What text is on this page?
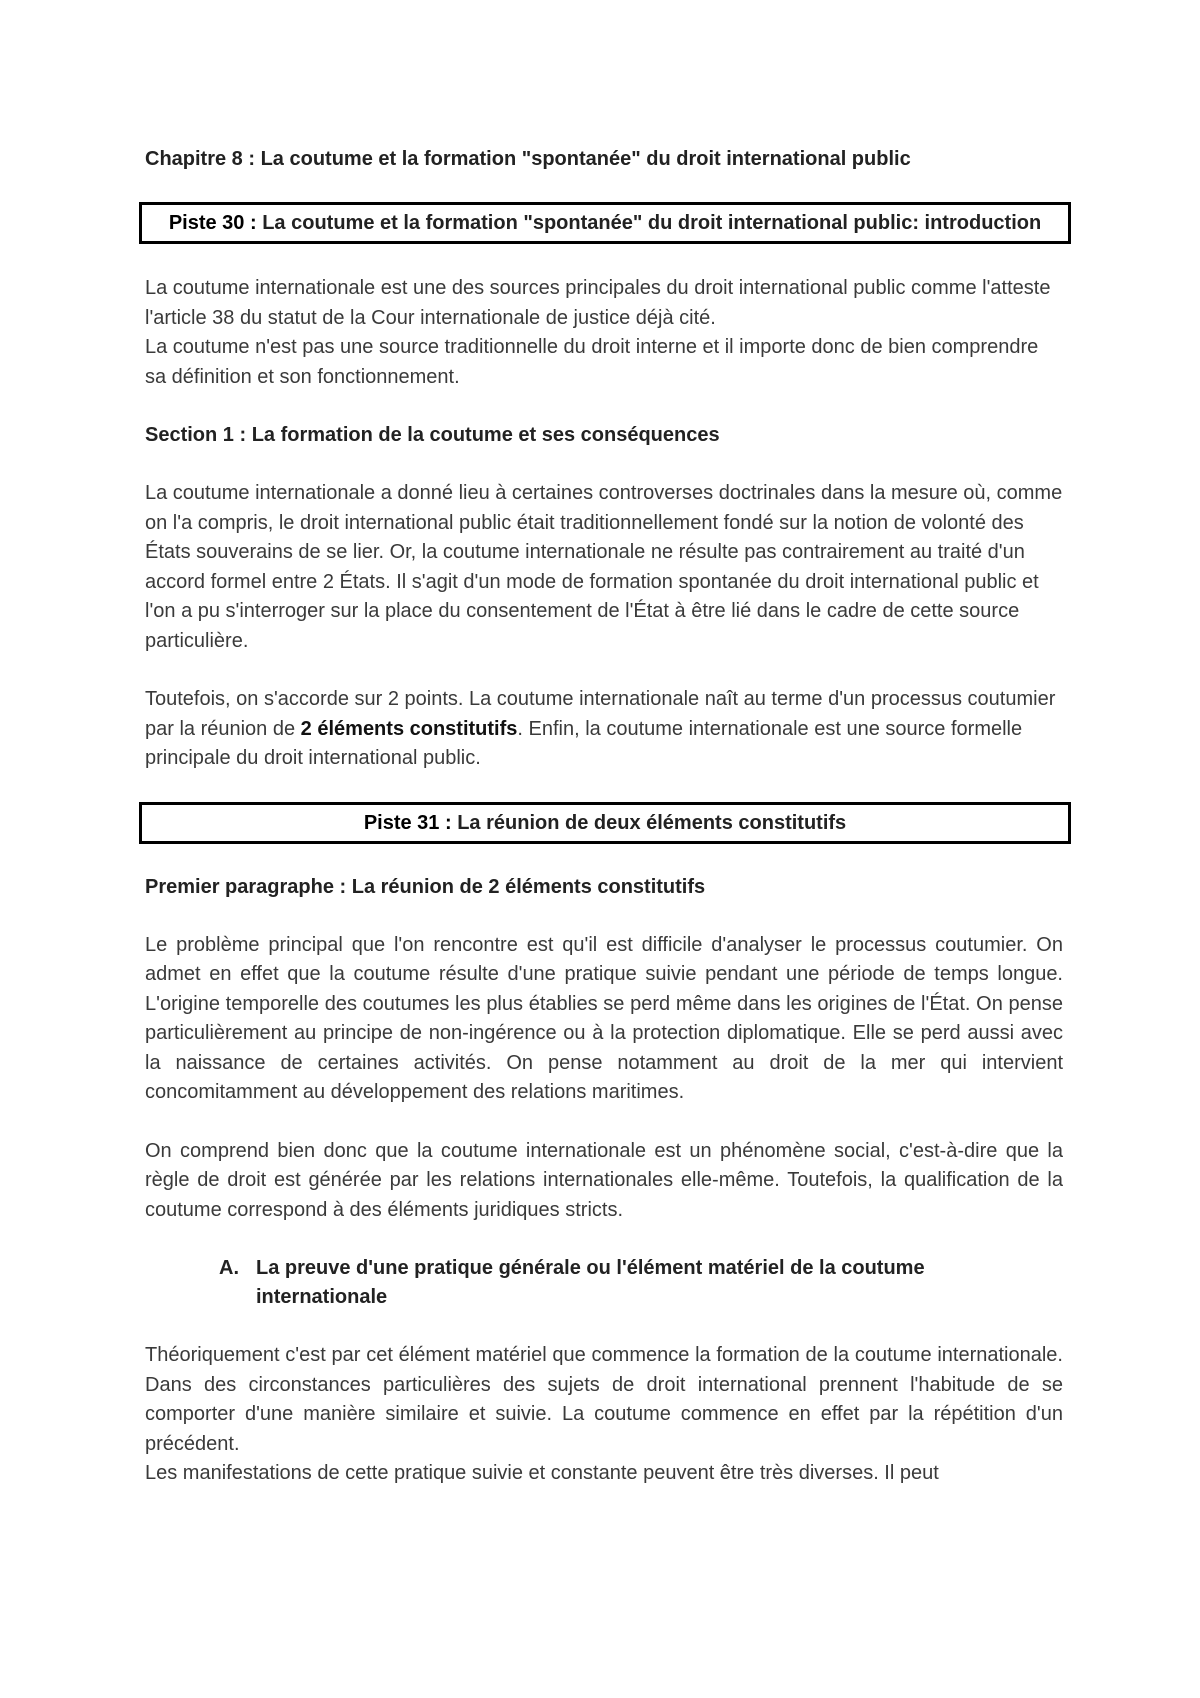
Chapitre 8 : La coutume et la formation "spontanée" du droit international public

Piste 30 : La coutume et la formation "spontanée" du droit international public: introduction

La coutume internationale est une des sources principales du droit international public comme l'atteste l'article 38 du statut de la Cour internationale de justice déjà cité.

La coutume n'est pas une source traditionnelle du droit interne et il importe donc de bien comprendre sa définition et son fonctionnement.

Section 1 : La formation de la coutume et ses conséquences

La coutume internationale a donné lieu à certaines controverses doctrinales dans la mesure où, comme on l'a compris, le droit international public était traditionnellement fondé sur la notion de volonté des États souverains de se lier. Or, la coutume internationale ne résulte pas contrairement au traité d'un accord formel entre 2 États. Il s'agit d'un mode de formation spontanée du droit international public et l'on a pu s'interroger sur la place du consentement de l'État à être lié dans le cadre de cette source particulière.

Toutefois, on s'accorde sur 2 points. La coutume internationale naît au terme d'un processus coutumier par la réunion de 2 éléments constitutifs. Enfin, la coutume internationale est une source formelle principale du droit international public.

Piste 31 : La réunion de deux éléments constitutifs

Premier paragraphe : La réunion de 2 éléments constitutifs

Le problème principal que l'on rencontre est qu'il est difficile d'analyser le processus coutumier. On admet en effet que la coutume résulte d'une pratique suivie pendant une période de temps longue. L'origine temporelle des coutumes les plus établies se perd même dans les origines de l'État. On pense particulièrement au principe de non-ingérence ou à la protection diplomatique. Elle se perd aussi avec la naissance de certaines activités. On pense notamment au droit de la mer qui intervient concomitamment au développement des relations maritimes.

On comprend bien donc que la coutume internationale est un phénomène social, c'est-à-dire que la règle de droit est générée par les relations internationales elle-même. Toutefois, la qualification de la coutume correspond à des éléments juridiques stricts.

A. La preuve d'une pratique générale ou l'élément matériel de la coutume internationale

Théoriquement c'est par cet élément matériel que commence la formation de la coutume internationale. Dans des circonstances particulières des sujets de droit international prennent l'habitude de se comporter d'une manière similaire et suivie. La coutume commence en effet par la répétition d'un précédent.

Les manifestations de cette pratique suivie et constante peuvent être très diverses. Il peut
